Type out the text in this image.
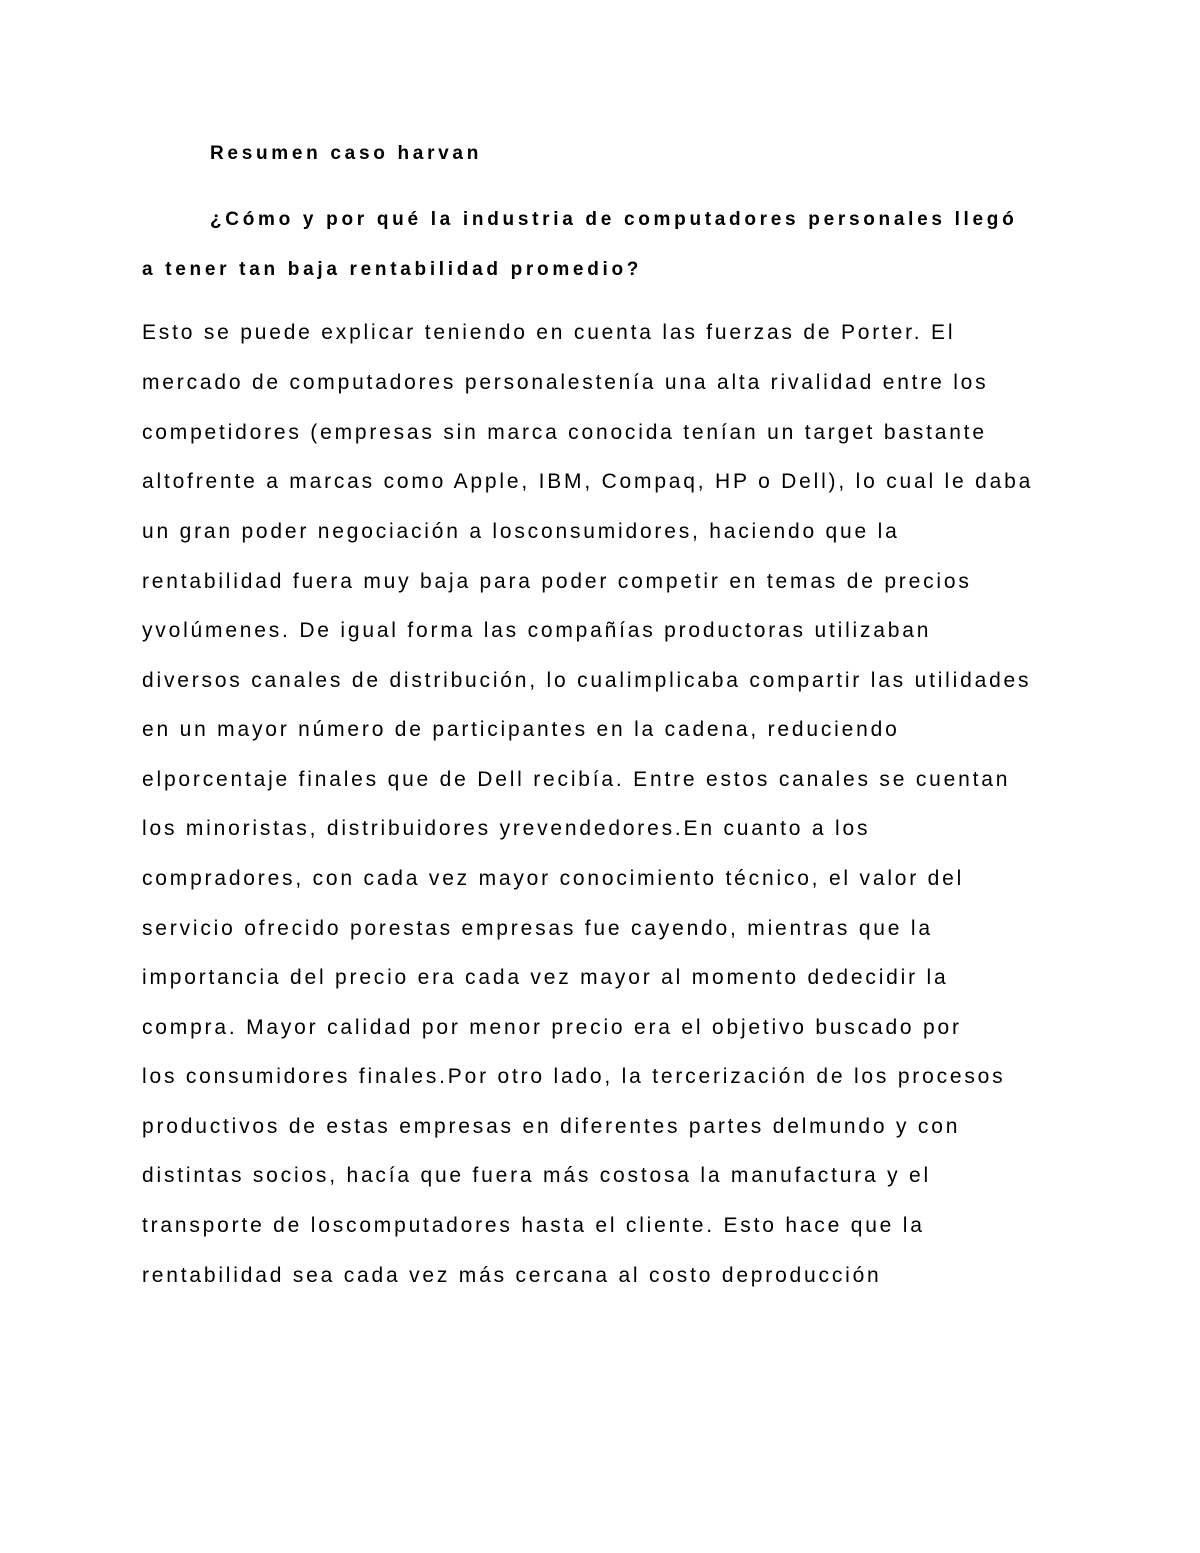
Resumen caso harvan

¿Cómo y por qué la industria de computadores personales llegó

a tener tan baja rentabilidad promedio?

Esto se puede explicar teniendo en cuenta las fuerzas de Porter. El

mercado de computadores personalestenía una alta rivalidad entre los

competidores (empresas sin marca conocida tenían un target bastante

altofrente a marcas como Apple, IBM, Compaq, HP o Dell), lo cual le daba

un gran poder negociación a losconsumidores, haciendo que la

rentabilidad fuera muy baja para poder competir en temas de precios

yvolúmenes. De igual forma las compañías productoras utilizaban

diversos canales de distribución, lo cualimplicaba compartir las utilidades

en un mayor número de participantes en la cadena, reduciendo

elporcentaje finales que de Dell recibía. Entre estos canales se cuentan

los minoristas, distribuidores yrevendedores.En cuanto a los

compradores, con cada vez mayor conocimiento técnico, el valor del

servicio ofrecido porestas empresas fue cayendo, mientras que la

importancia del precio era cada vez mayor al momento dedecidir la

compra. Mayor calidad por menor precio era el objetivo buscado por

los consumidores finales.Por otro lado, la tercerización de los procesos

productivos de estas empresas en diferentes partes delmundo y con

distintas socios, hacía que fuera más costosa la manufactura y el

transporte de loscomputadores hasta el cliente. Esto hace que la

rentabilidad sea cada vez más cercana al costo deproducción
